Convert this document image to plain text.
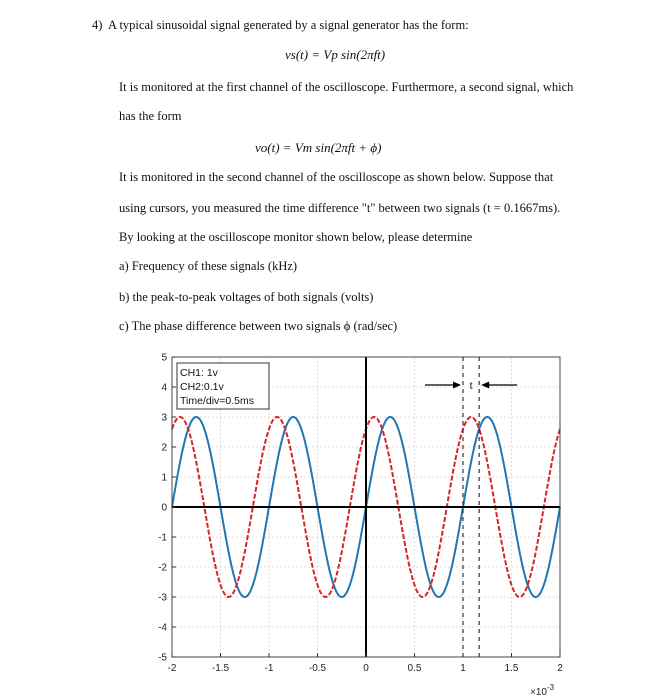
4) A typical sinusoidal signal generated by a signal generator has the form:
vs(t) = Vp sin(2πft)
It is monitored at the first channel of the oscilloscope. Furthermore, a second signal, which
has the form
vo(t) = Vm sin(2πft + ϕ)
It is monitored in the second channel of the oscilloscope as shown below. Suppose that
using cursors, you measured the time difference "t" between two signals (t = 0.1667ms).
By looking at the oscilloscope monitor shown below, please determine
a) Frequency of these signals (kHz)
b) the peak-to-peak voltages of both signals (volts)
c) The phase difference between two signals ϕ (rad/sec)
-2	-1.5	-1	-0.5	0	0.5	1	1.5	2
-5
-4
-3
-2
-1
0
1
2
3
4
5
$\times 10^{-3}$
CH1: 1v
CH2:0.1v
Time/div=0.5ms
t
